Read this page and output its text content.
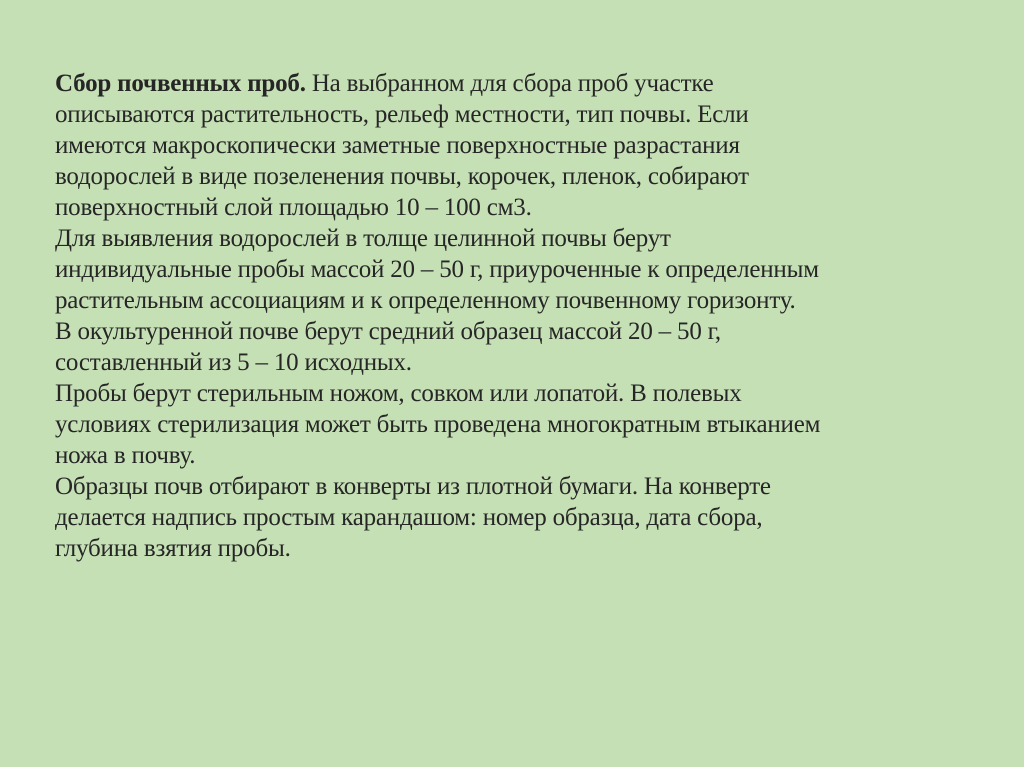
Сбор почвенных проб. На выбранном для сбора проб участке
описываются растительность, рельеф местности, тип почвы. Если
имеются макроскопически заметные поверхностные разрастания
водорослей в виде позеленения почвы, корочек, пленок, собирают
поверхностный слой площадью 10 – 100 см3.

Для выявления водорослей в толще целинной почвы берут
индивидуальные пробы массой 20 – 50 г, приуроченные к определенным
растительным ассоциациям и к определенному почвенному горизонту.

В окультуренной почве берут средний образец массой 20 – 50 г,
составленный из 5 – 10 исходных.

Пробы берут стерильным ножом, совком или лопатой. В полевых
условиях стерилизация может быть проведена многократным втыканием
ножа в почву.

Образцы почв отбирают в конверты из плотной бумаги. На конверте
делается надпись простым карандашом: номер образца, дата сбора,
глубина взятия пробы.
